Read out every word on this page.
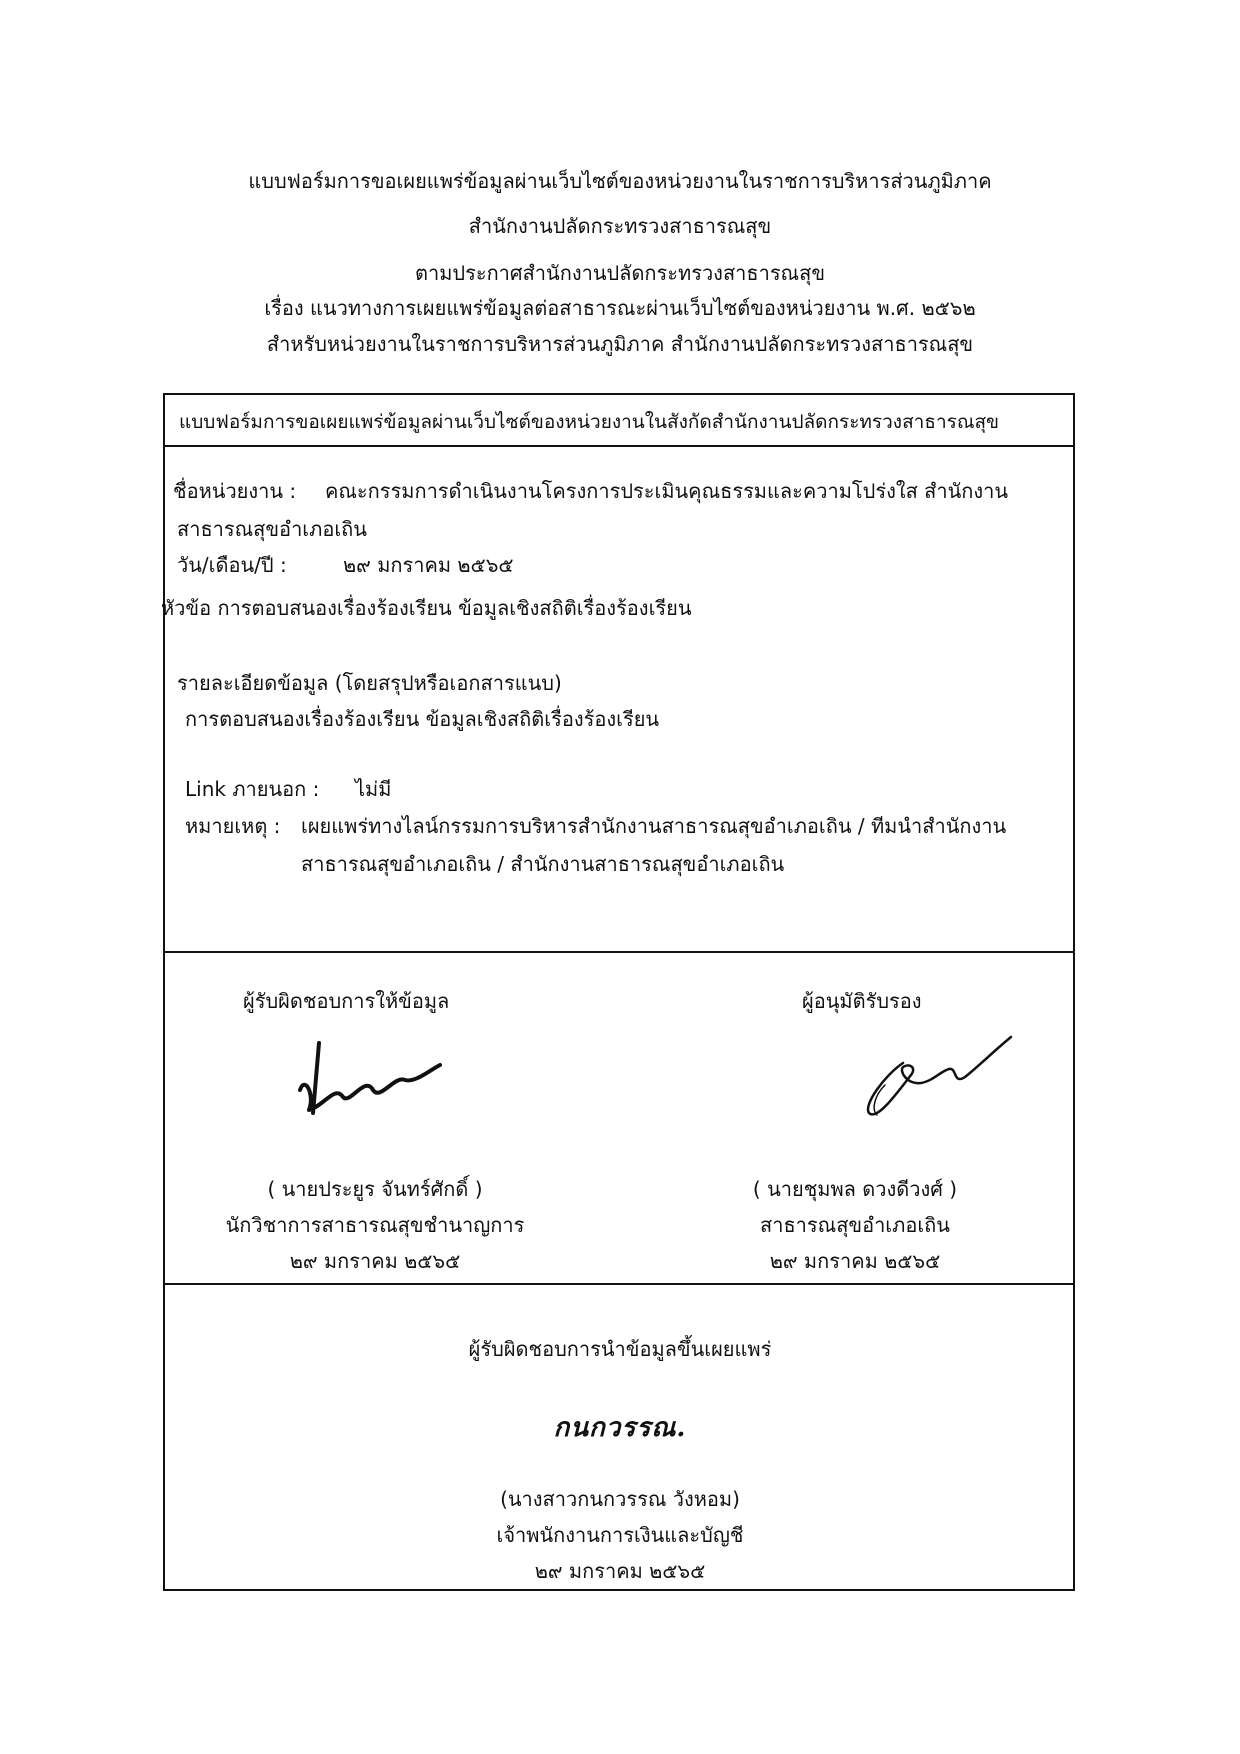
แบบฟอร์มการขอเผยแพร่ข้อมูลผ่านเว็บไซต์ของหน่วยงานในราชการบริหารส่วนภูมิภาค
สำนักงานปลัดกระทรวงสาธารณสุข
ตามประกาศสำนักงานปลัดกระทรวงสาธารณสุข
เรื่อง แนวทางการเผยแพร่ข้อมูลต่อสาธารณะผ่านเว็บไซต์ของหน่วยงาน พ.ศ. ๒๕๖๒
สำหรับหน่วยงานในราชการบริหารส่วนภูมิภาค สำนักงานปลัดกระทรวงสาธารณสุข
แบบฟอร์มการขอเผยแพร่ข้อมูลผ่านเว็บไซต์ของหน่วยงานในสังกัดสำนักงานปลัดกระทรวงสาธารณสุข
ชื่อหน่วยงาน : คณะกรรมการดำเนินงานโครงการประเมินคุณธรรมและความโปร่งใส สำนักงาน
สาธารณสุขอำเภอเถิน
วัน/เดือน/ปี :	๒๙ มกราคม ๒๕๖๕
หัวข้อ การตอบสนองเรื่องร้องเรียน ข้อมูลเชิงสถิติเรื่องร้องเรียน
รายละเอียดข้อมูล (โดยสรุปหรือเอกสารแนบ)
การตอบสนองเรื่องร้องเรียน ข้อมูลเชิงสถิติเรื่องร้องเรียน
Link ภายนอก : ไม่มี
หมายเหตุ : เผยแพร่ทางไลน์กรรมการบริหารสำนักงานสาธารณสุขอำเภอเถิน / ทีมนำสำนักงาน
สาธารณสุขอำเภอเถิน / สำนักงานสาธารณสุขอำเภอเถิน
ผู้รับผิดชอบการให้ข้อมูล
( นายประยูร จันทร์ศักดิ์ )
นักวิชาการสาธารณสุขชำนาญการ
๒๙ มกราคม ๒๕๖๕
ผู้อนุมัติรับรอง
( นายชุมพล ดวงดีวงศ์ )
สาธารณสุขอำเภอเถิน
๒๙ มกราคม ๒๕๖๕
ผู้รับผิดชอบการนำข้อมูลขึ้นเผยแพร่
กนกวรรณ.
(นางสาวกนกวรรณ วังหอม)
เจ้าพนักงานการเงินและบัญชี
๒๙ มกราคม ๒๕๖๕
